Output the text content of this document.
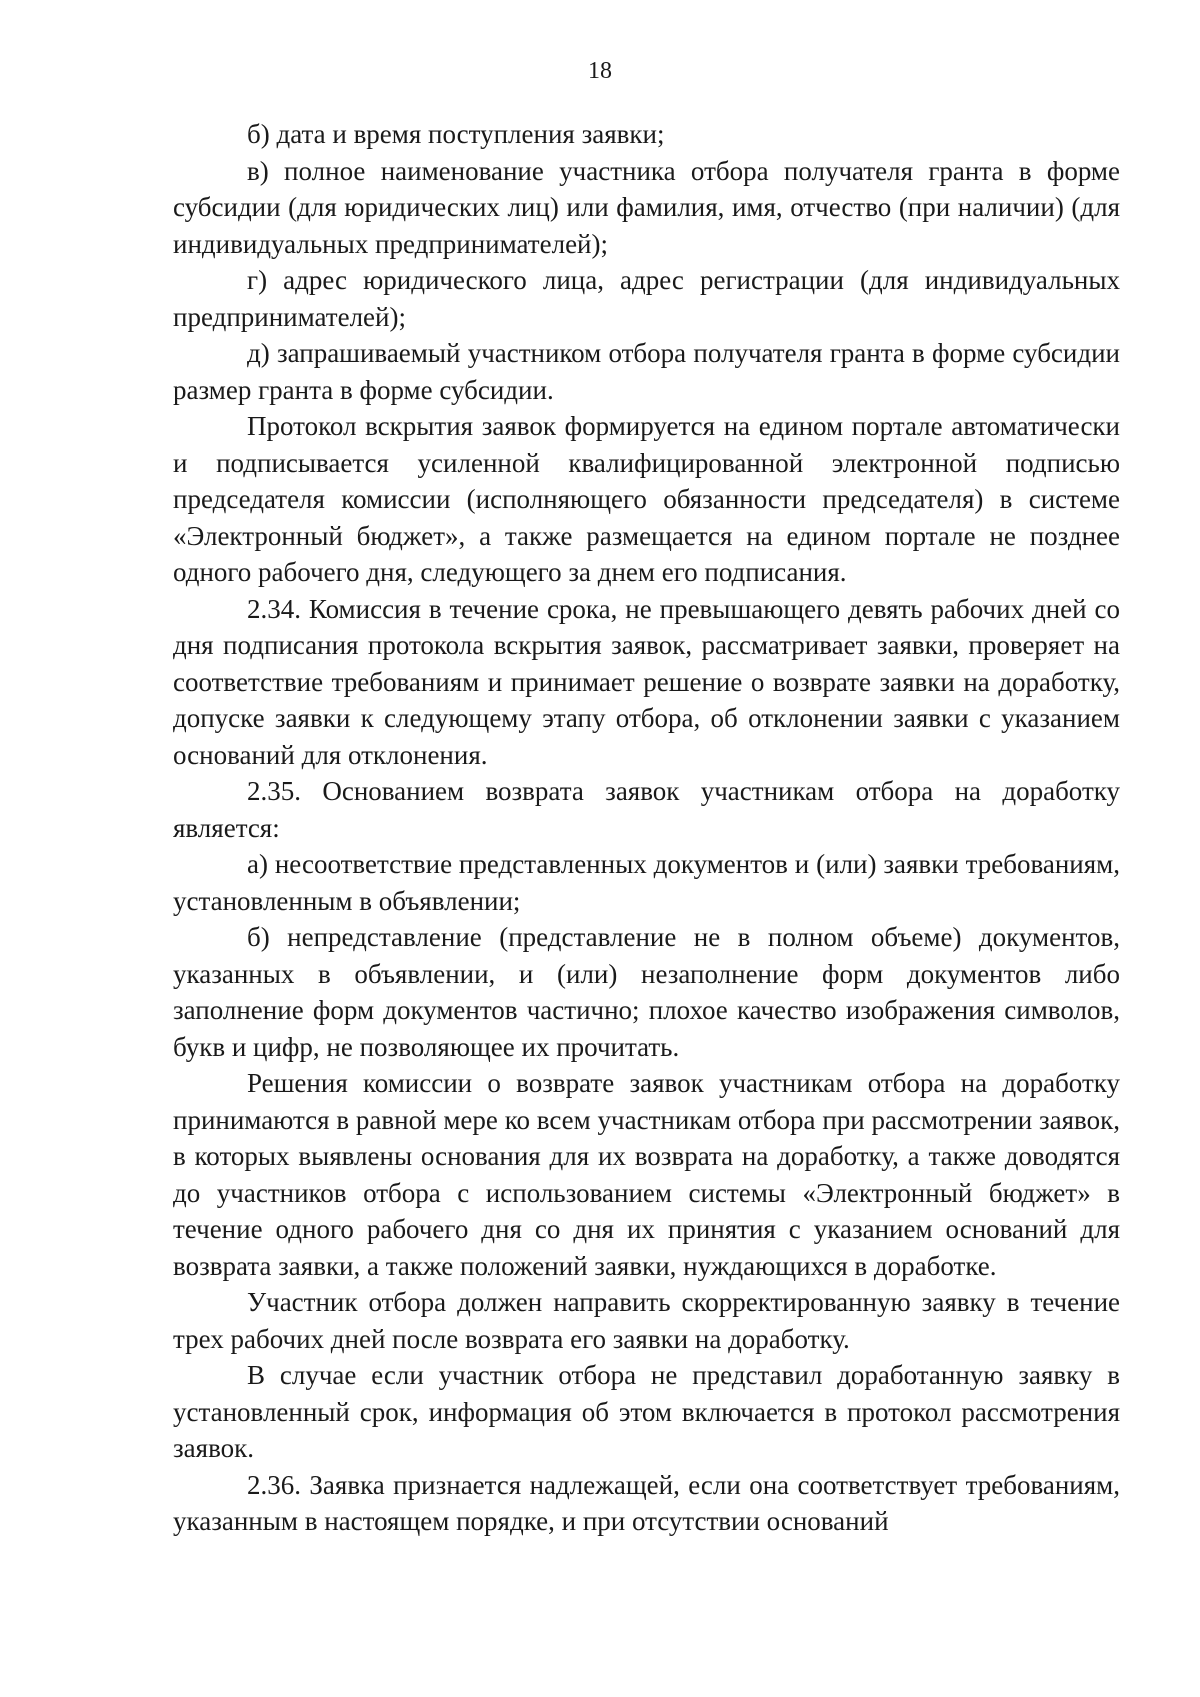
18

б) дата и время поступления заявки;

в) полное наименование участника отбора получателя гранта в форме субсидии (для юридических лиц) или фамилия, имя, отчество (при наличии) (для индивидуальных предпринимателей);

г) адрес юридического лица, адрес регистрации (для индивидуальных предпринимателей);

д) запрашиваемый участником отбора получателя гранта в форме субсидии размер гранта в форме субсидии.

Протокол вскрытия заявок формируется на едином портале автоматически и подписывается усиленной квалифицированной электронной подписью председателя комиссии (исполняющего обязанности председателя) в системе «Электронный бюджет», а также размещается на едином портале не позднее одного рабочего дня, следующего за днем его подписания.

2.34. Комиссия в течение срока, не превышающего девять рабочих дней со дня подписания протокола вскрытия заявок, рассматривает заявки, проверяет на соответствие требованиям и принимает решение о возврате заявки на доработку, допуске заявки к следующему этапу отбора, об отклонении заявки с указанием оснований для отклонения.

2.35. Основанием возврата заявок участникам отбора на доработку является:

а) несоответствие представленных документов и (или) заявки требованиям, установленным в объявлении;

б) непредставление (представление не в полном объеме) документов, указанных в объявлении, и (или) незаполнение форм документов либо заполнение форм документов частично; плохое качество изображения символов, букв и цифр, не позволяющее их прочитать.

Решения комиссии о возврате заявок участникам отбора на доработку принимаются в равной мере ко всем участникам отбора при рассмотрении заявок, в которых выявлены основания для их возврата на доработку, а также доводятся до участников отбора с использованием системы «Электронный бюджет» в течение одного рабочего дня со дня их принятия с указанием оснований для возврата заявки, а также положений заявки, нуждающихся в доработке.

Участник отбора должен направить скорректированную заявку в течение трех рабочих дней после возврата его заявки на доработку.

В случае если участник отбора не представил доработанную заявку в установленный срок, информация об этом включается в протокол рассмотрения заявок.

2.36. Заявка признается надлежащей, если она соответствует требованиям, указанным в настоящем порядке, и при отсутствии оснований
